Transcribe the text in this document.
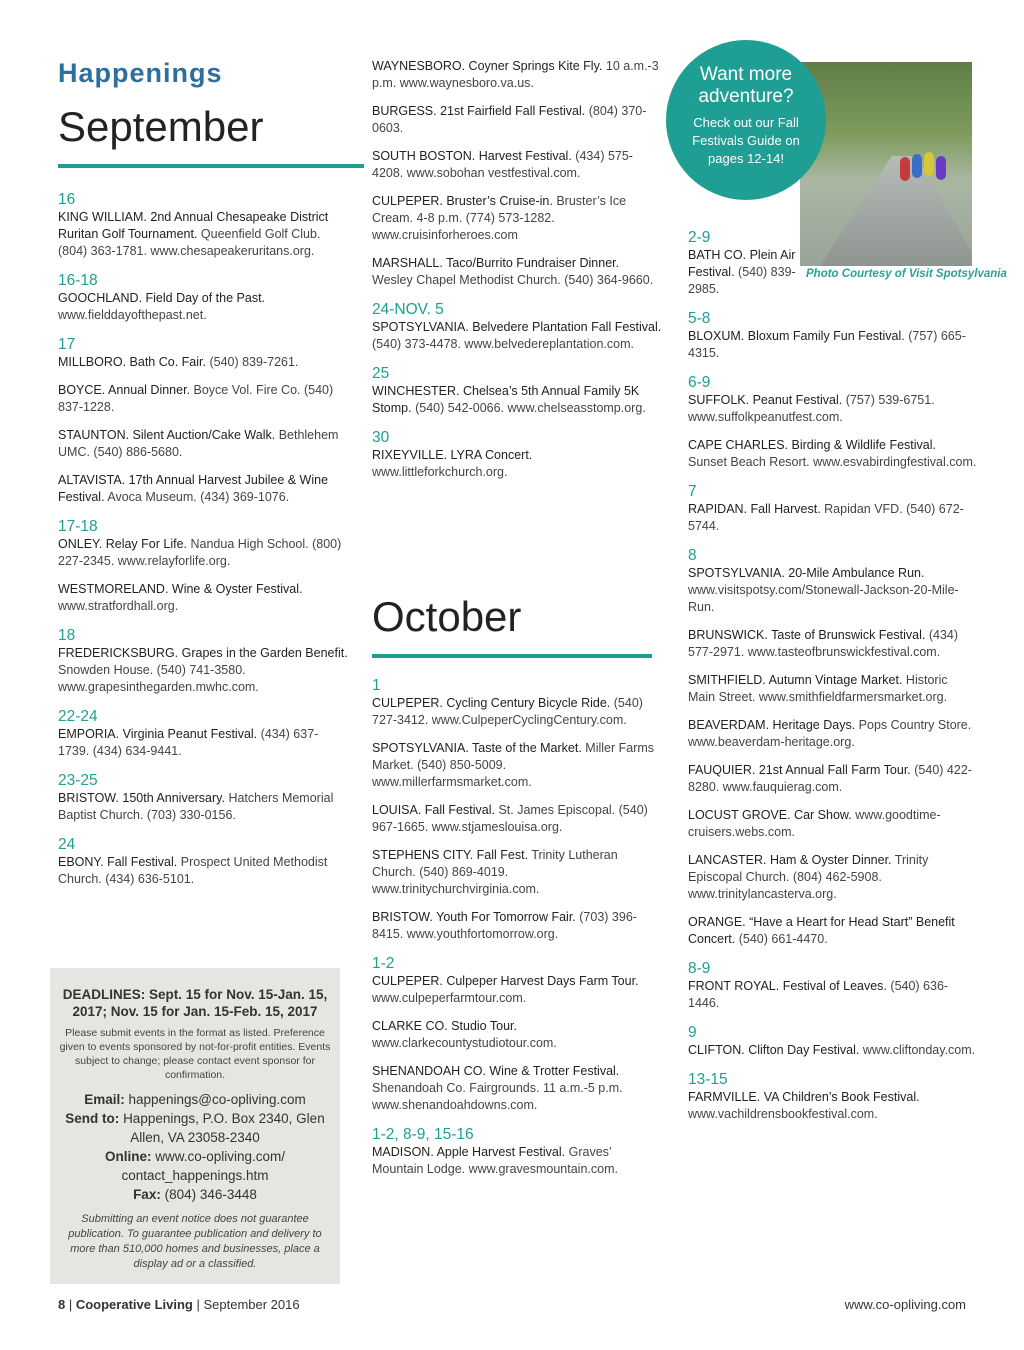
Happenings
September
16

KING WILLIAM. 2nd Annual Chesapeake District Ruritan Golf Tournament. Queenfield Golf Club. (804) 363-1781. www.chesapeakeruritans.org.

16-18

GOOCHLAND. Field Day of the Past. www.fielddayofthepast.net.

17

MILLBORO. Bath Co. Fair. (540) 839-7261.

BOYCE. Annual Dinner. Boyce Vol. Fire Co. (540) 837-1228.

STAUNTON. Silent Auction/Cake Walk. Bethlehem UMC. (540) 886-5680.

ALTAVISTA. 17th Annual Harvest Jubilee & Wine Festival. Avoca Museum. (434) 369-1076.

17-18

ONLEY. Relay For Life. Nandua High School. (800) 227-2345. www.relayforlife.org.

WESTMORELAND. Wine & Oyster Festival. www.stratfordhall.org.

18

FREDERICKSBURG. Grapes in the Garden Benefit. Snowden House. (540) 741-3580. www.grapesinthegarden.mwhc.com.

22-24

EMPORIA. Virginia Peanut Festival. (434) 637-1739. (434) 634-9441.

23-25

BRISTOW. 150th Anniversary. Hatchers Memorial Baptist Church. (703) 330-0156.

24

EBONY. Fall Festival. Prospect United Methodist Church. (434) 636-5101.

WAYNESBORO. Coyner Springs Kite Fly. 10 a.m.-3 p.m. www.waynesboro.va.us.

BURGESS. 21st Fairfield Fall Festival. (804) 370-0603.

SOUTH BOSTON. Harvest Festival. (434) 575-4208. www.sobohan vestfestival.com.

CULPEPER. Bruster’s Cruise-in. Bruster’s Ice Cream. 4-8 p.m. (774) 573-1282. www.cruisinforheroes.com

MARSHALL. Taco/Burrito Fundraiser Dinner. Wesley Chapel Methodist Church. (540) 364-9660.

24-NOV. 5

SPOTSYLVANIA. Belvedere Plantation Fall Festival. (540) 373-4478. www.belvedereplantation.com.

25

WINCHESTER. Chelsea’s 5th Annual Family 5K Stomp. (540) 542-0066. www.chelseasstomp.org.

30

RIXEYVILLE. LYRA Concert. www.littleforkchurch.org.

October
1

CULPEPER. Cycling Century Bicycle Ride. (540) 727-3412. www.CulpeperCyclingCentury.com.

SPOTSYLVANIA. Taste of the Market. Miller Farms Market. (540) 850-5009. www.millerfarmsmarket.com.

LOUISA. Fall Festival. St. James Episcopal. (540) 967-1665. www.stjameslouisa.org.

STEPHENS CITY. Fall Fest. Trinity Lutheran Church. (540) 869-4019. www.trinitychurchvirginia.com.

BRISTOW. Youth For Tomorrow Fair. (703) 396-8415. www.youthfortomorrow.org.

1-2

CULPEPER. Culpeper Harvest Days Farm Tour. www.culpeperfarmtour.com.

CLARKE CO. Studio Tour. www.clarkecountystudiotour.com.

SHENANDOAH CO. Wine & Trotter Festival. Shenandoah Co. Fairgrounds. 11 a.m.-5 p.m. www.shenandoahdowns.com.

1-2, 8-9, 15-16

MADISON. Apple Harvest Festival. Graves’ Mountain Lodge. www.gravesmountain.com.

2-9

BATH CO. Plein Air Festival. (540) 839-2985.

5-8

BLOXUM. Bloxum Family Fun Festival. (757) 665-4315.

6-9

SUFFOLK. Peanut Festival. (757) 539-6751. www.suffolkpeanutfest.com.

CAPE CHARLES. Birding & Wildlife Festival. Sunset Beach Resort. www.esvabirdingfestival.com.

7

RAPIDAN. Fall Harvest. Rapidan VFD. (540) 672-5744.

8

SPOTSYLVANIA. 20-Mile Ambulance Run. www.visitspotsy.com/Stonewall-Jackson-20-Mile-Run.

BRUNSWICK. Taste of Brunswick Festival. (434) 577-2971. www.tasteofbrunswickfestival.com.

SMITHFIELD. Autumn Vintage Market. Historic Main Street. www.smithfieldfarmersmarket.org.

BEAVERDAM. Heritage Days. Pops Country Store. www.beaverdam-heritage.org.

FAUQUIER. 21st Annual Fall Farm Tour. (540) 422-8280. www.fauquierag.com.

LOCUST GROVE. Car Show. www.goodtime-cruisers.webs.com.

LANCASTER. Ham & Oyster Dinner. Trinity Episcopal Church. (804) 462-5908. www.trinitylancasterva.org.

ORANGE. “Have a Heart for Head Start” Benefit Concert. (540) 661-4470.

8-9

FRONT ROYAL. Festival of Leaves. (540) 636-1446.

9

CLIFTON. Clifton Day Festival. www.cliftonday.com.

13-15

FARMVILLE. VA Children’s Book Festival. www.vachildrensbookfestival.com.

Want more adventure?
Check out our Fall Festivals Guide on pages 12-14!
Photo Courtesy of Visit Spotsylvania
DEADLINES: Sept. 15 for Nov. 15-Jan. 15, 2017; Nov. 15 for Jan. 15-Feb. 15, 2017
Please submit events in the format as listed. Preference given to events sponsored by not-for-profit entities. Events subject to change; please contact event sponsor for confirmation.
Email: happenings@co-opliving.com
Send to: Happenings, P.O. Box 2340, Glen Allen, VA 23058-2340
Online: www.co-opliving.com/ contact_happenings.htm
Fax: (804) 346-3448
Submitting an event notice does not guarantee publication. To guarantee publication and delivery to more than 510,000 homes and businesses, place a display ad or a classified.
8 | Cooperative Living | September 2016	www.co-opliving.com
